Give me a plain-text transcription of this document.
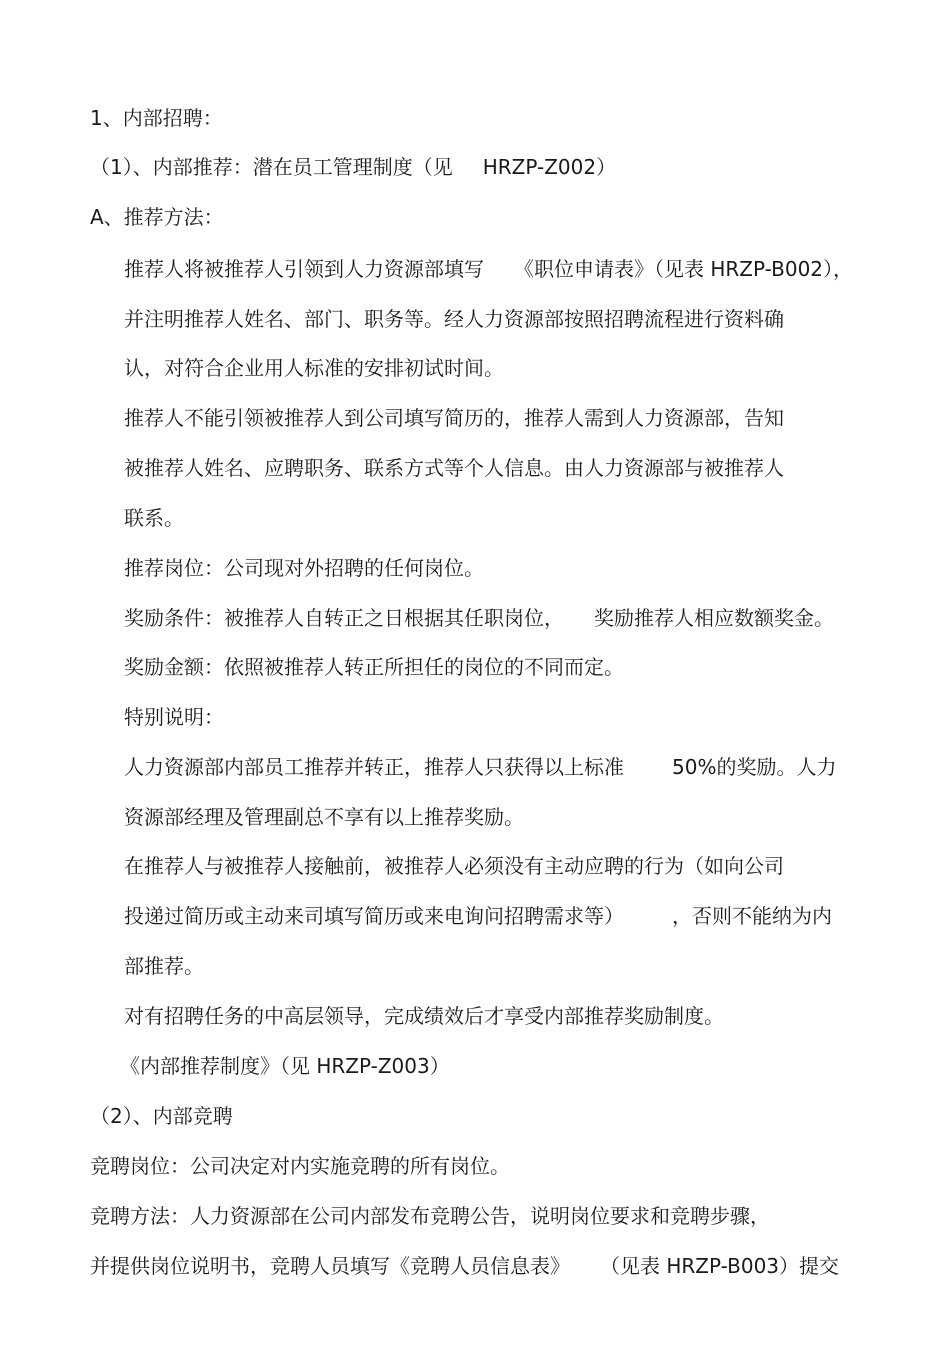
1、内部招聘：
（1）、内部推荐：潜在员工管理制度（见 HRZP-Z002）
A、推荐方法：
推荐人将被推荐人引领到人力资源部填写 《职位申请表》（见表 HRZP-B002），
并注明推荐人姓名、部门、职务等。经人力资源部按照招聘流程进行资料确
认，对符合企业用人标准的安排初试时间。
推荐人不能引领被推荐人到公司填写简历的，推荐人需到人力资源部，告知
被推荐人姓名、应聘职务、联系方式等个人信息。由人力资源部与被推荐人
联系。
推荐岗位：公司现对外招聘的任何岗位。
奖励条件：被推荐人自转正之日根据其任职岗位， 奖励推荐人相应数额奖金。
奖励金额：依照被推荐人转正所担任的岗位的不同而定。
特别说明：
人力资源部内部员工推荐并转正，推荐人只获得以上标准 50%的奖励。人力
资源部经理及管理副总不享有以上推荐奖励。
在推荐人与被推荐人接触前，被推荐人必须没有主动应聘的行为（如向公司
投递过简历或主动来司填写简历或来电询问招聘需求等） ，否则不能纳为内
部推荐。
对有招聘任务的中高层领导，完成绩效后才享受内部推荐奖励制度。
《内部推荐制度》（见 HRZP-Z003）
（2）、内部竞聘
竞聘岗位：公司决定对内实施竞聘的所有岗位。
竞聘方法：人力资源部在公司内部发布竞聘公告，说明岗位要求和竞聘步骤，
并提供岗位说明书，竞聘人员填写《竞聘人员信息表》 （见表 HRZP-B003）提交
